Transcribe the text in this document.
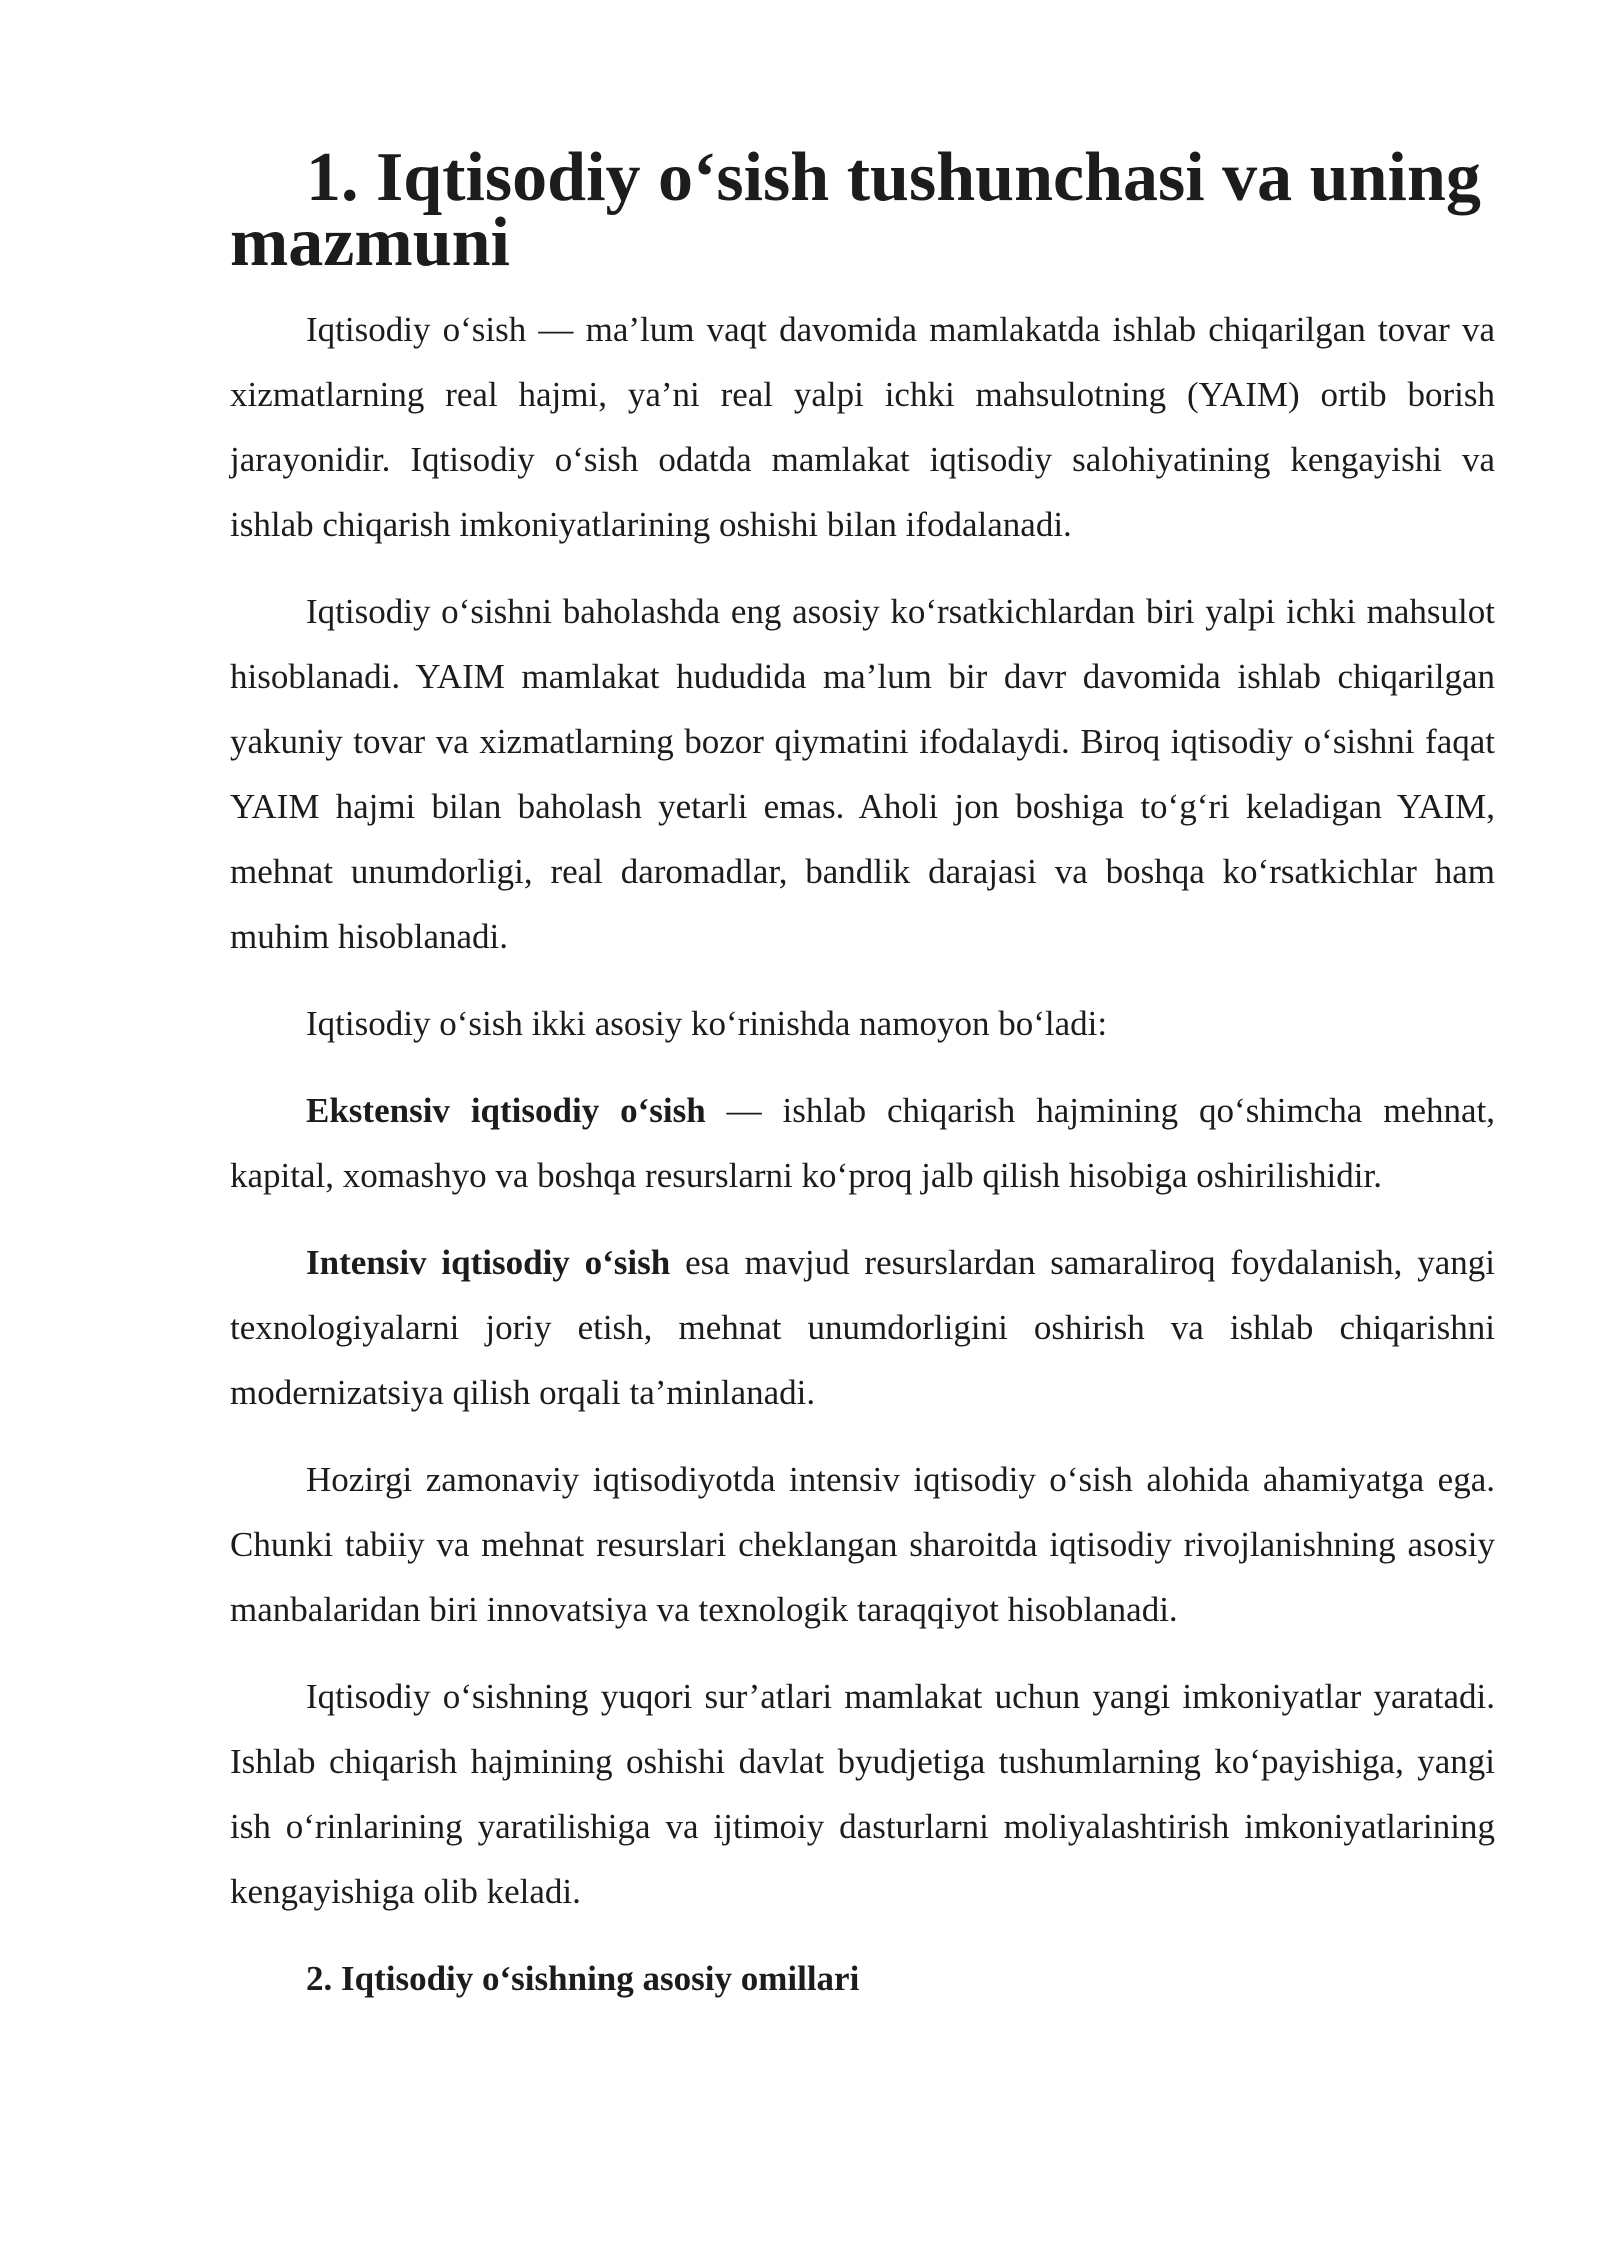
1. Iqtisodiy o‘sish tushunchasi va uning mazmuni

Iqtisodiy o‘sish — ma’lum vaqt davomida mamlakatda ishlab chiqarilgan tovar va xizmatlarning real hajmi, ya’ni real yalpi ichki mahsulotning (YAIM) ortib borish jarayonidir. Iqtisodiy o‘sish odatda mamlakat iqtisodiy salohiyatining kengayishi va ishlab chiqarish imkoniyatlarining oshishi bilan ifodalanadi.

Iqtisodiy o‘sishni baholashda eng asosiy ko‘rsatkichlardan biri yalpi ichki mahsulot hisoblanadi. YAIM mamlakat hududida ma’lum bir davr davomida ishlab chiqarilgan yakuniy tovar va xizmatlarning bozor qiymatini ifodalaydi. Biroq iqtisodiy o‘sishni faqat YAIM hajmi bilan baholash yetarli emas. Aholi jon boshiga to‘g‘ri keladigan YAIM, mehnat unumdorligi, real daromadlar, bandlik darajasi va boshqa ko‘rsatkichlar ham muhim hisoblanadi.

Iqtisodiy o‘sish ikki asosiy ko‘rinishda namoyon bo‘ladi:

Ekstensiv iqtisodiy o‘sish — ishlab chiqarish hajmining qo‘shimcha mehnat, kapital, xomashyo va boshqa resurslarni ko‘proq jalb qilish hisobiga oshirilishidir.

Intensiv iqtisodiy o‘sish esa mavjud resurslardan samaraliroq foydalanish, yangi texnologiyalarni joriy etish, mehnat unumdorligini oshirish va ishlab chiqarishni modernizatsiya qilish orqali ta’minlanadi.

Hozirgi zamonaviy iqtisodiyotda intensiv iqtisodiy o‘sish alohida ahamiyatga ega. Chunki tabiiy va mehnat resurslari cheklangan sharoitda iqtisodiy rivojlanishning asosiy manbalaridan biri innovatsiya va texnologik taraqqiyot hisoblanadi.

Iqtisodiy o‘sishning yuqori sur’atlari mamlakat uchun yangi imkoniyatlar yaratadi. Ishlab chiqarish hajmining oshishi davlat byudjetiga tushumlarning ko‘payishiga, yangi ish o‘rinlarining yaratilishiga va ijtimoiy dasturlarni moliyalashtirish imkoniyatlarining kengayishiga olib keladi.

2. Iqtisodiy o‘sishning asosiy omillari
